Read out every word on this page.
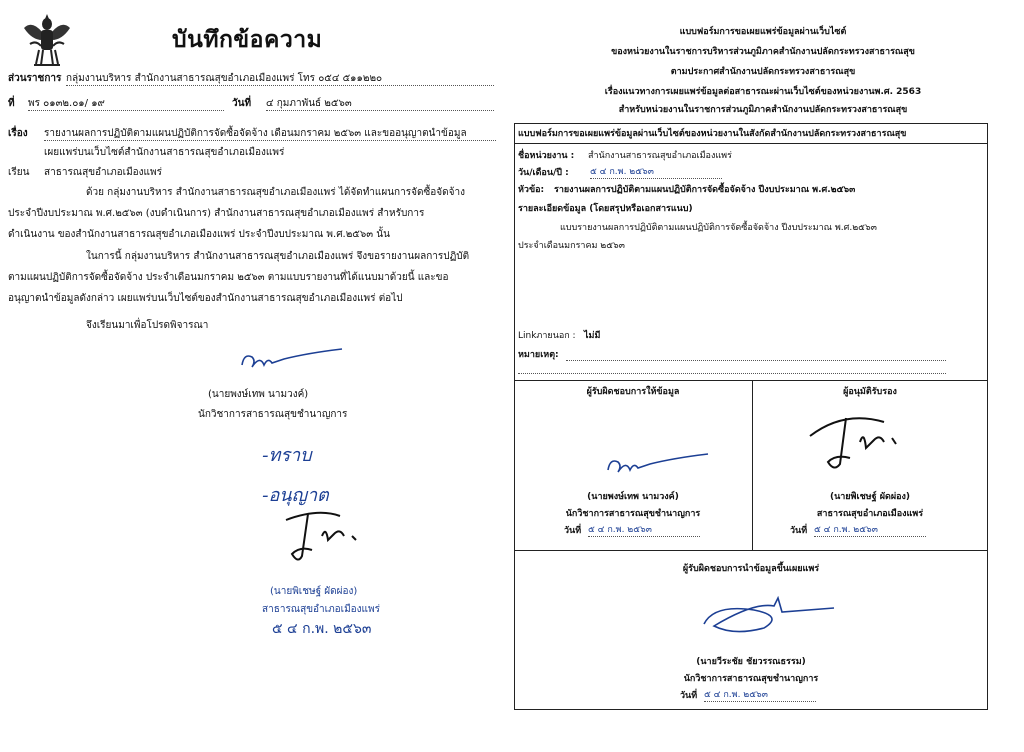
บันทึกข้อความ
ส่วนราชการ กลุ่มงานบริหาร สำนักงานสาธารณสุขอำเภอเมืองแพร่ โทร ๐๕๔ ๕๑๑๒๒๐
ที่ พร ๐๑๓๒.๐๑/ ๑๙	วันที่ ๔ กุมภาพันธ์ ๒๕๖๓
เรื่อง รายงานผลการปฏิบัติตามแผนปฏิบัติการจัดซื้อจัดจ้าง เดือนมกราคม ๒๕๖๓ และขออนุญาตนำข้อมูล
เผยแพร่บนเว็บไซต์สำนักงานสาธารณสุขอำเภอเมืองแพร่
เรียน สาธารณสุขอำเภอเมืองแพร่
ด้วย กลุ่มงานบริหาร สำนักงานสาธารณสุขอำเภอเมืองแพร่ ได้จัดทำแผนการจัดซื้อจัดจ้าง
ประจำปีงบประมาณ พ.ศ.๒๕๖๓ (งบดำเนินการ) สำนักงานสาธารณสุขอำเภอเมืองแพร่ สำหรับการ
ดำเนินงาน ของสำนักงานสาธารณสุขอำเภอเมืองแพร่ ประจำปีงบประมาณ พ.ศ.๒๕๖๓ นั้น
ในการนี้ กลุ่มงานบริหาร สำนักงานสาธารณสุขอำเภอเมืองแพร่ จึงขอรายงานผลการปฏิบัติ
ตามแผนปฏิบัติการจัดซื้อจัดจ้าง ประจำเดือนมกราคม ๒๕๖๓ ตามแบบรายงานที่ได้แนบมาด้วยนี้ และขอ
อนุญาตนำข้อมูลดังกล่าว เผยแพร่บนเว็บไซต์ของสำนักงานสาธารณสุขอำเภอเมืองแพร่ ต่อไป
จึงเรียนมาเพื่อโปรดพิจารณา
(นายพงษ์เทพ นามวงค์)
นักวิชาการสาธารณสุขชำนาญการ
-ทราบ
-อนุญาต
(นายพิเชษฐ์ ผัดผ่อง)
สาธารณสุขอำเภอเมืองแพร่
๕ ๔ ก.พ. ๒๕๖๓
แบบฟอร์มการขอเผยแพร่ข้อมูลผ่านเว็บไซต์
ของหน่วยงานในราชการบริหารส่วนภูมิภาคสำนักงานปลัดกระทรวงสาธารณสุข
ตามประกาศสำนักงานปลัดกระทรวงสาธารณสุข
เรื่องแนวทางการเผยแพร่ข้อมูลต่อสาธารณะผ่านเว็บไซต์ของหน่วยงานพ.ศ. 2563
สำหรับหน่วยงานในราชการส่วนภูมิภาคสำนักงานปลัดกระทรวงสาธารณสุข
แบบฟอร์มการขอเผยแพร่ข้อมูลผ่านเว็บไซต์ของหน่วยงานในสังกัดสำนักงานปลัดกระทรวงสาธารณสุข
ชื่อหน่วยงาน : สำนักงานสาธารณสุขอำเภอเมืองแพร่
วัน/เดือน/ปี : ๕ ๔ ก.พ. ๒๕๖๓
หัวข้อ: รายงานผลการปฏิบัติตามแผนปฏิบัติการจัดซื้อจัดจ้าง ปีงบประมาณ พ.ศ.๒๕๖๓
รายละเอียดข้อมูล (โดยสรุปหรือเอกสารแนบ)
แบบรายงานผลการปฏิบัติตามแผนปฏิบัติการจัดซื้อจัดจ้าง ปีงบประมาณ พ.ศ.๒๕๖๓
ประจำเดือนมกราคม ๒๕๖๓
Linkภายนอก : ไม่มี
หมายเหตุ:
ผู้รับผิดชอบการให้ข้อมูล
(นายพงษ์เทพ นามวงค์)
นักวิชาการสาธารณสุขชำนาญการ
วันที่ ๕ ๔ ก.พ. ๒๕๖๓
ผู้อนุมัติรับรอง
(นายพิเชษฐ์ ผัดผ่อง)
สาธารณสุขอำเภอเมืองแพร่
วันที่ ๕ ๔ ก.พ. ๒๕๖๓
ผู้รับผิดชอบการนำข้อมูลขึ้นเผยแพร่
(นายวีระชัย ชัยวรรณธรรม)
นักวิชาการสาธารณสุขชำนาญการ
วันที่ ๕ ๔ ก.พ. ๒๕๖๓
